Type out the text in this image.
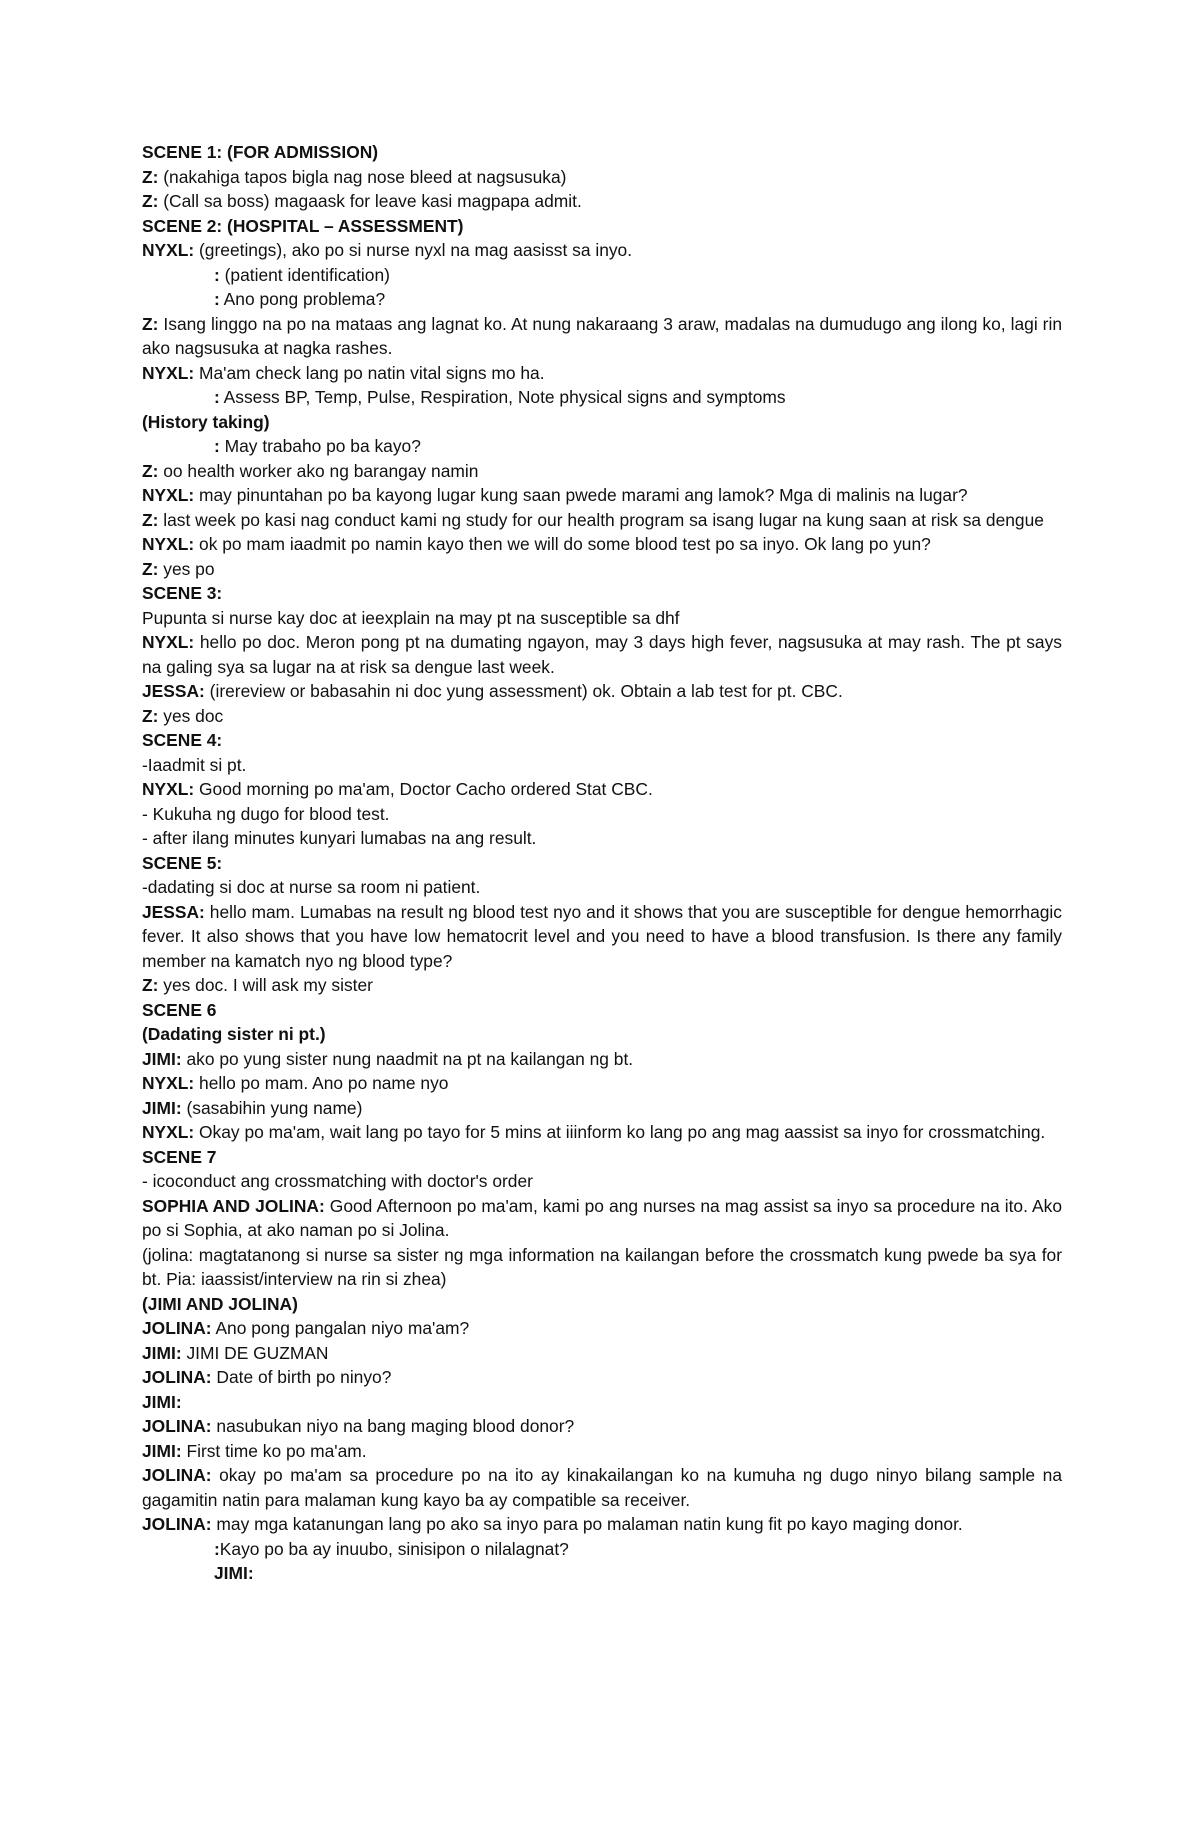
SCENE 1: (FOR ADMISSION)
Z: (nakahiga tapos bigla nag nose bleed at nagsusuka)
Z: (Call sa boss) magaask for leave kasi magpapa admit.
SCENE 2: (HOSPITAL – ASSESSMENT)
NYXL: (greetings), ako po si nurse nyxl na mag aasisst sa inyo.
: (patient identification)
: Ano pong problema?
Z: Isang linggo na po na mataas ang lagnat ko. At nung nakaraang 3 araw, madalas na dumudugo ang ilong ko, lagi rin ako nagsusuka at nagka rashes.
NYXL: Ma'am check lang po natin vital signs mo ha.
: Assess BP, Temp, Pulse, Respiration, Note physical signs and symptoms
(History taking)
: May trabaho po ba kayo?
Z: oo health worker ako ng barangay namin
NYXL: may pinuntahan po ba kayong lugar kung saan pwede marami ang lamok? Mga di malinis na lugar?
Z: last week po kasi nag conduct kami ng study for our health program sa isang lugar na kung saan at risk sa dengue
NYXL: ok po mam iaadmit po namin kayo then we will do some blood test po sa inyo. Ok lang po yun?
Z: yes po
SCENE 3:
Pupunta si nurse kay doc at ieexplain na may pt na susceptible sa dhf
NYXL: hello po doc. Meron pong pt na dumating ngayon, may 3 days high fever, nagsusuka at may rash. The pt says na galing sya sa lugar na at risk sa dengue last week.
JESSA: (irereview or babasahin ni doc yung assessment) ok. Obtain a lab test for pt. CBC.
Z: yes doc
SCENE 4:
-Iaadmit si pt.
NYXL: Good morning po ma'am, Doctor Cacho ordered Stat CBC.
- Kukuha ng dugo for blood test.
- after ilang minutes kunyari lumabas na ang result.
SCENE 5:
-dadating si doc at nurse sa room ni patient.
JESSA: hello mam. Lumabas na result ng blood test nyo and it shows that you are susceptible for dengue hemorrhagic fever. It also shows that you have low hematocrit level and you need to have a blood transfusion. Is there any family member na kamatch nyo ng blood type?
Z: yes doc. I will ask my sister
SCENE 6
(Dadating sister ni pt.)
JIMI: ako po yung sister nung naadmit na pt na kailangan ng bt.
NYXL: hello po mam. Ano po name nyo
JIMI: (sasabihin yung name)
NYXL: Okay po ma'am, wait lang po tayo for 5 mins at iiinform ko lang po ang mag aassist sa inyo for crossmatching.
SCENE 7
- icoconduct ang crossmatching with doctor's order
SOPHIA AND JOLINA: Good Afternoon po ma'am, kami po ang nurses na mag assist sa inyo sa procedure na ito. Ako po si Sophia, at ako naman po si Jolina.
(jolina: magtatanong si nurse sa sister ng mga information na kailangan before the crossmatch kung pwede ba sya for bt. Pia: iaassist/interview na rin si zhea)
(JIMI AND JOLINA)
JOLINA: Ano pong pangalan niyo ma'am?
JIMI: JIMI DE GUZMAN
JOLINA: Date of birth po ninyo?
JIMI:
JOLINA: nasubukan niyo na bang maging blood donor?
JIMI: First time ko po ma'am.
JOLINA: okay po ma'am sa procedure po na ito ay kinakailangan ko na kumuha ng dugo ninyo bilang sample na gagamitin natin para malaman kung kayo ba ay compatible sa receiver.
JOLINA: may mga katanungan lang po ako sa inyo para po malaman natin kung fit po kayo maging donor.
:Kayo po ba ay inuubo, sinisipon o nilalagnat?
JIMI:
